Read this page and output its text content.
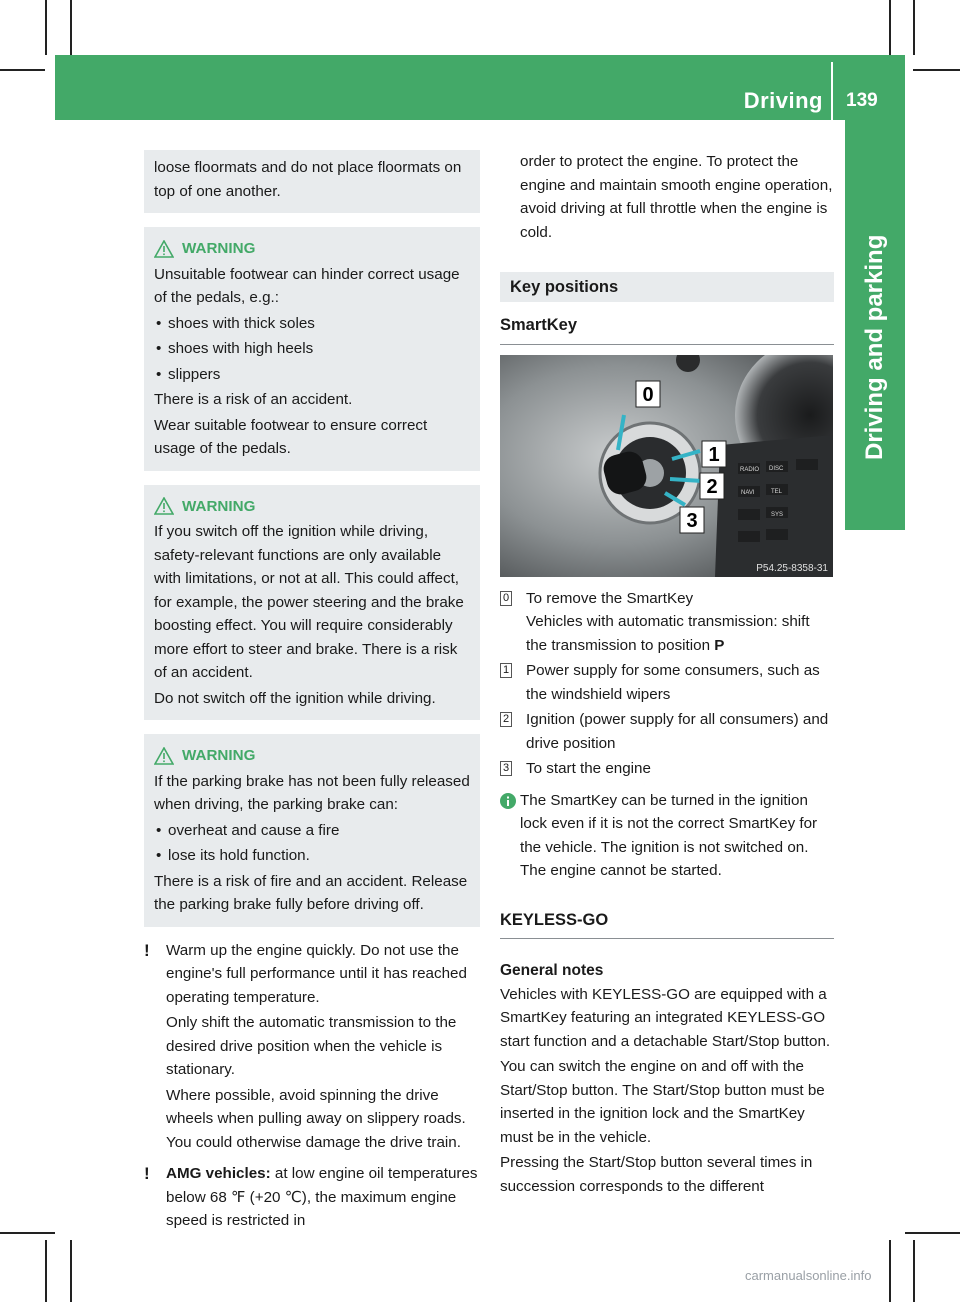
Driving 139
Driving and parking

loose floormats and do not place floormats on top of one another.

WARNING

Unsuitable footwear can hinder correct usage of the pedals, e.g.:

• shoes with thick soles
• shoes with high heels
• slippers

There is a risk of an accident.

Wear suitable footwear to ensure correct usage of the pedals.

WARNING

If you switch off the ignition while driving, safety-relevant functions are only available with limitations, or not at all. This could affect, for example, the power steering and the brake boosting effect. You will require considerably more effort to steer and brake. There is a risk of an accident.

Do not switch off the ignition while driving.

WARNING

If the parking brake has not been fully released when driving, the parking brake can:

• overheat and cause a fire
• lose its hold function.

There is a risk of fire and an accident. Release the parking brake fully before driving off.

!	Warm up the engine quickly. Do not use the engine's full performance until it has reached operating temperature.

Only shift the automatic transmission to the desired drive position when the vehicle is stationary.

Where possible, avoid spinning the drive wheels when pulling away on slippery roads. You could otherwise damage the drive train.

!	AMG vehicles: at low engine oil temperatures below 68 ℉ (+20 ℃), the maximum engine speed is restricted in

order to protect the engine. To protect the engine and maintain smooth engine operation, avoid driving at full throttle when the engine is cold.

Key positions
SmartKey
0
1
2
3
RADIO DISC
NAVI	TEL
SYS
P54.25-8358-31
0 To remove the SmartKey

Vehicles with automatic transmission: shift the transmission to position P

1 Power supply for some consumers, such as the windshield wipers

2 Ignition (power supply for all consumers) and drive position

3 To start the engine

The SmartKey can be turned in the ignition lock even if it is not the correct SmartKey for the vehicle. The ignition is not switched on. The engine cannot be started.

KEYLESS-GO
General notes

Vehicles with KEYLESS-GO are equipped with a SmartKey featuring an integrated KEYLESS-GO start function and a detachable Start/Stop button.

You can switch the engine on and off with the Start/Stop button. The Start/Stop button must be inserted in the ignition lock and the SmartKey must be in the vehicle.

Pressing the Start/Stop button several times in succession corresponds to the different

carmanualsonline.info
